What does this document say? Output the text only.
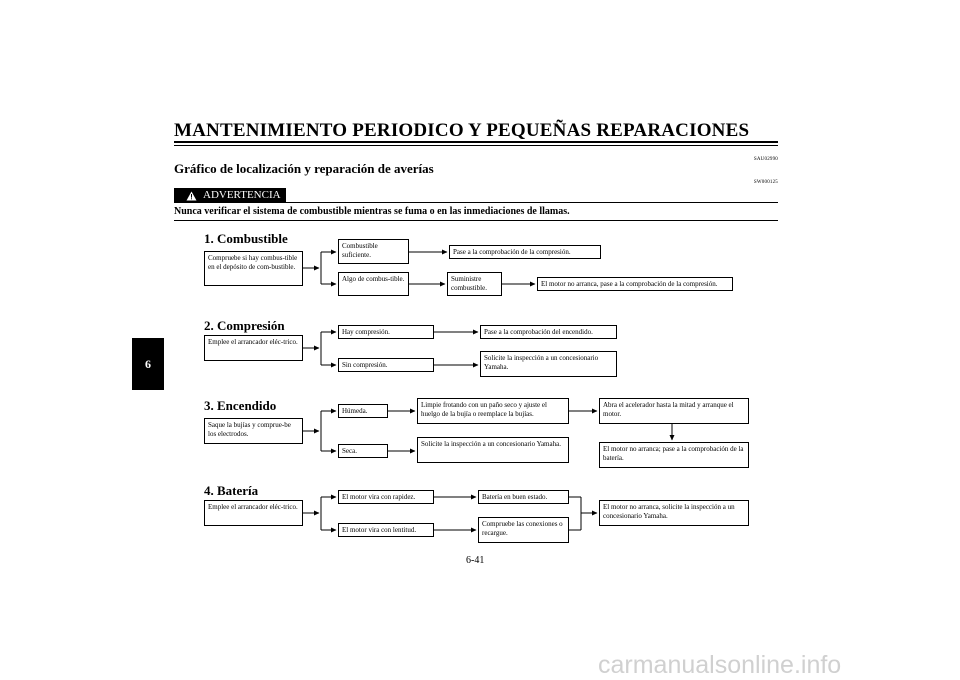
MANTENIMIENTO PERIODICO Y PEQUEÑAS REPARACIONES
SAU02990
Gráfico de localización y reparación de averías
SW000125
ADVERTENCIA
Nunca verificar el sistema de combustible mientras se fuma o en las inmediaciones de llamas.
6
1. Combustible
Compruebe si hay combus-tible en el depósito de com-bustible.
Combustible suficiente.	Pase a la comprobación de la compresión.
Algo de combus-tible.	Suministre combustible.	El motor no arranca, pase a la comprobación de la compresión.
2. Compresión
Emplee el arrancador eléc-trico.
Hay compresión.	Pase a la comprobación del encendido.
Sin compresión.
Solicite la inspección a un concesionario Yamaha.
3. Encendido
Saque la bujías y comprue-be los electrodos.
Húmeda.
Limpie frotando con un paño seco y ajuste el huelgo de la bujía o reemplace la bujías.
Abra el acelerador hasta la mitad y arranque el motor.
Seca.
Solicite la inspección a un concesionario Yamaha.
El motor no arranca; pase a la comprobación de la batería.
4. Batería
Emplee el arrancador eléc-trico.
El motor vira con rapidez.	Batería en buen estado.
El motor vira con lentitud.
Compruebe las conexiones o recargue.
El motor no arranca, solicite la inspección a un concesionario Yamaha.
6-41
carmanualsonline.info
